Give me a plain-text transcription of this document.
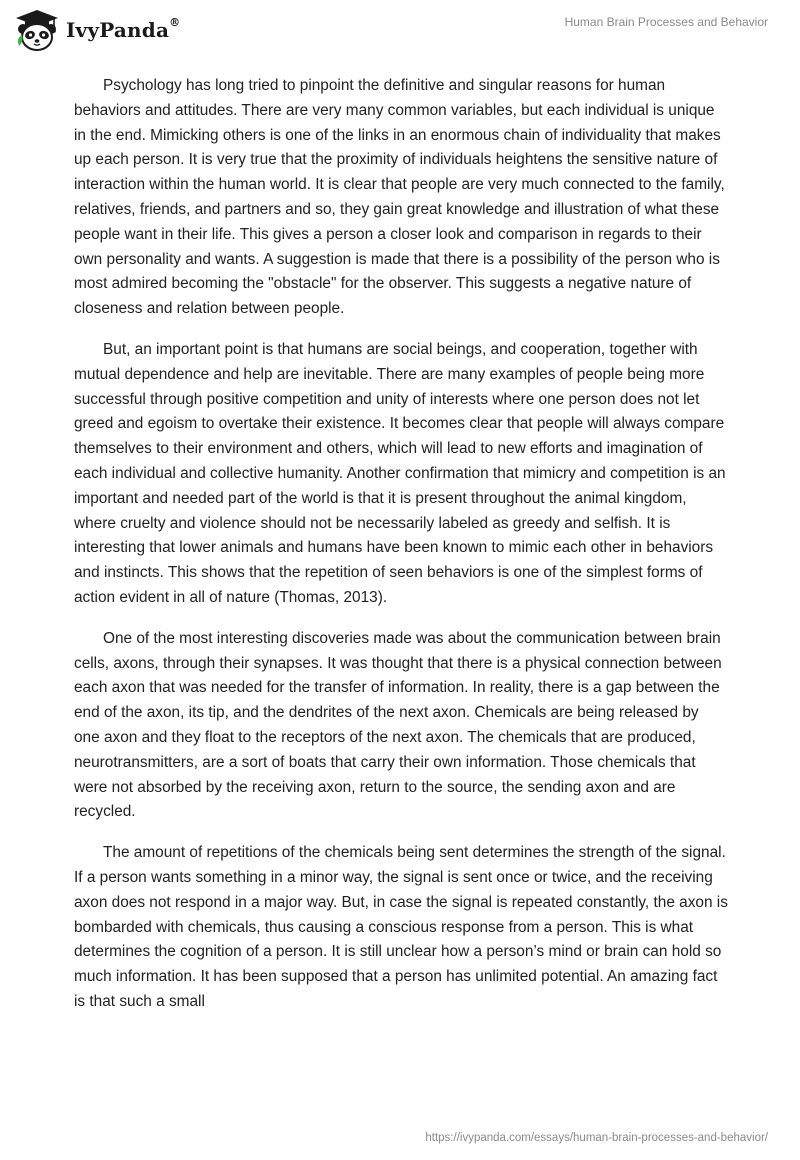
IvyPanda®	Human Brain Processes and Behavior

Psychology has long tried to pinpoint the definitive and singular reasons for human behaviors and attitudes. There are very many common variables, but each individual is unique in the end. Mimicking others is one of the links in an enormous chain of individuality that makes up each person. It is very true that the proximity of individuals heightens the sensitive nature of interaction within the human world. It is clear that people are very much connected to the family, relatives, friends, and partners and so, they gain great knowledge and illustration of what these people want in their life. This gives a person a closer look and comparison in regards to their own personality and wants. A suggestion is made that there is a possibility of the person who is most admired becoming the "obstacle" for the observer. This suggests a negative nature of closeness and relation between people.

But, an important point is that humans are social beings, and cooperation, together with mutual dependence and help are inevitable. There are many examples of people being more successful through positive competition and unity of interests where one person does not let greed and egoism to overtake their existence. It becomes clear that people will always compare themselves to their environment and others, which will lead to new efforts and imagination of each individual and collective humanity. Another confirmation that mimicry and competition is an important and needed part of the world is that it is present throughout the animal kingdom, where cruelty and violence should not be necessarily labeled as greedy and selfish. It is interesting that lower animals and humans have been known to mimic each other in behaviors and instincts. This shows that the repetition of seen behaviors is one of the simplest forms of action evident in all of nature (Thomas, 2013).

One of the most interesting discoveries made was about the communication between brain cells, axons, through their synapses. It was thought that there is a physical connection between each axon that was needed for the transfer of information. In reality, there is a gap between the end of the axon, its tip, and the dendrites of the next axon. Chemicals are being released by one axon and they float to the receptors of the next axon. The chemicals that are produced, neurotransmitters, are a sort of boats that carry their own information. Those chemicals that were not absorbed by the receiving axon, return to the source, the sending axon and are recycled.

The amount of repetitions of the chemicals being sent determines the strength of the signal. If a person wants something in a minor way, the signal is sent once or twice, and the receiving axon does not respond in a major way. But, in case the signal is repeated constantly, the axon is bombarded with chemicals, thus causing a conscious response from a person. This is what determines the cognition of a person. It is still unclear how a person’s mind or brain can hold so much information. It has been supposed that a person has unlimited potential. An amazing fact is that such a small

https://ivypanda.com/essays/human-brain-processes-and-behavior/
